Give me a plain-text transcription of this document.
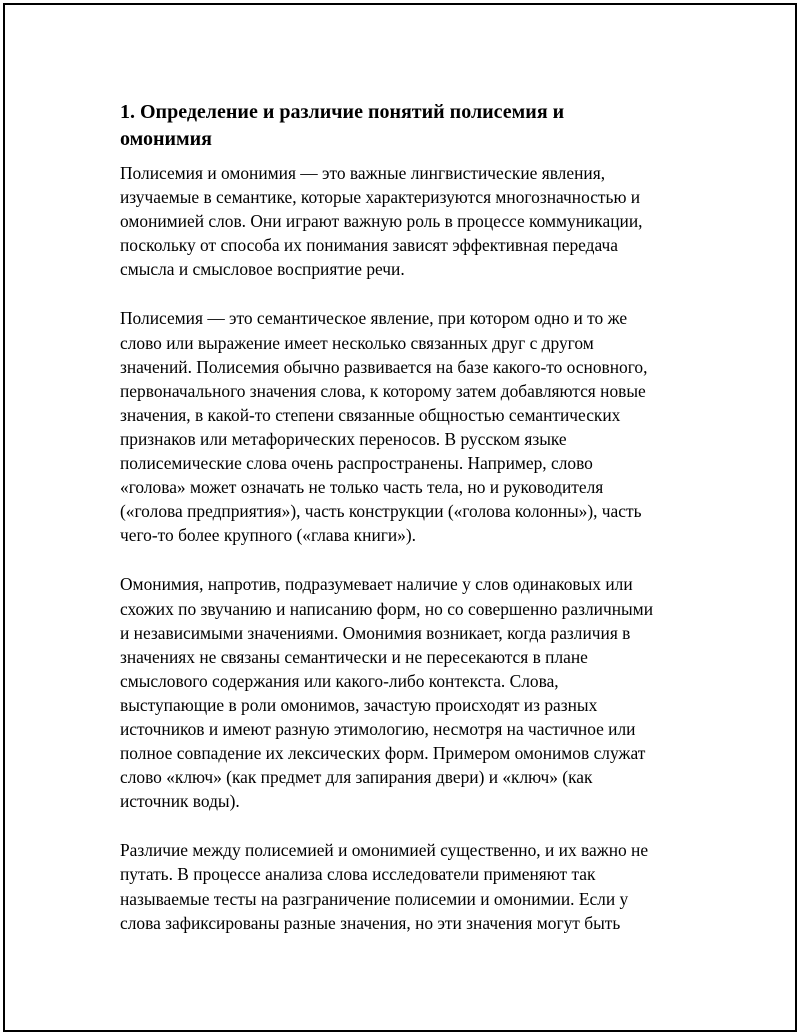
1. Определение и различие понятий полисемия и
омонимия

Полисемия и омонимия — это важные лингвистические явления,
изучаемые в семантике, которые характеризуются многозначностью и
омонимией слов. Они играют важную роль в процессе коммуникации,
поскольку от способа их понимания зависят эффективная передача
смысла и смысловое восприятие речи.

Полисемия — это семантическое явление, при котором одно и то же
слово или выражение имеет несколько связанных друг с другом
значений. Полисемия обычно развивается на базе какого-то основного,
первоначального значения слова, к которому затем добавляются новые
значения, в какой-то степени связанные общностью семантических
признаков или метафорических переносов. В русском языке
полисемические слова очень распространены. Например, слово
«голова» может означать не только часть тела, но и руководителя
(«голова предприятия»), часть конструкции («голова колонны»), часть
чего-то более крупного («глава книги»).

Омонимия, напротив, подразумевает наличие у слов одинаковых или
схожих по звучанию и написанию форм, но со совершенно различными
и независимыми значениями. Омонимия возникает, когда различия в
значениях не связаны семантически и не пересекаются в плане
смыслового содержания или какого-либо контекста. Слова,
выступающие в роли омонимов, зачастую происходят из разных
источников и имеют разную этимологию, несмотря на частичное или
полное совпадение их лексических форм. Примером омонимов служат
слово «ключ» (как предмет для запирания двери) и «ключ» (как
источник воды).

Различие между полисемией и омонимией существенно, и их важно не
путать. В процессе анализа слова исследователи применяют так
называемые тесты на разграничение полисемии и омонимии. Если у
слова зафиксированы разные значения, но эти значения могут быть
